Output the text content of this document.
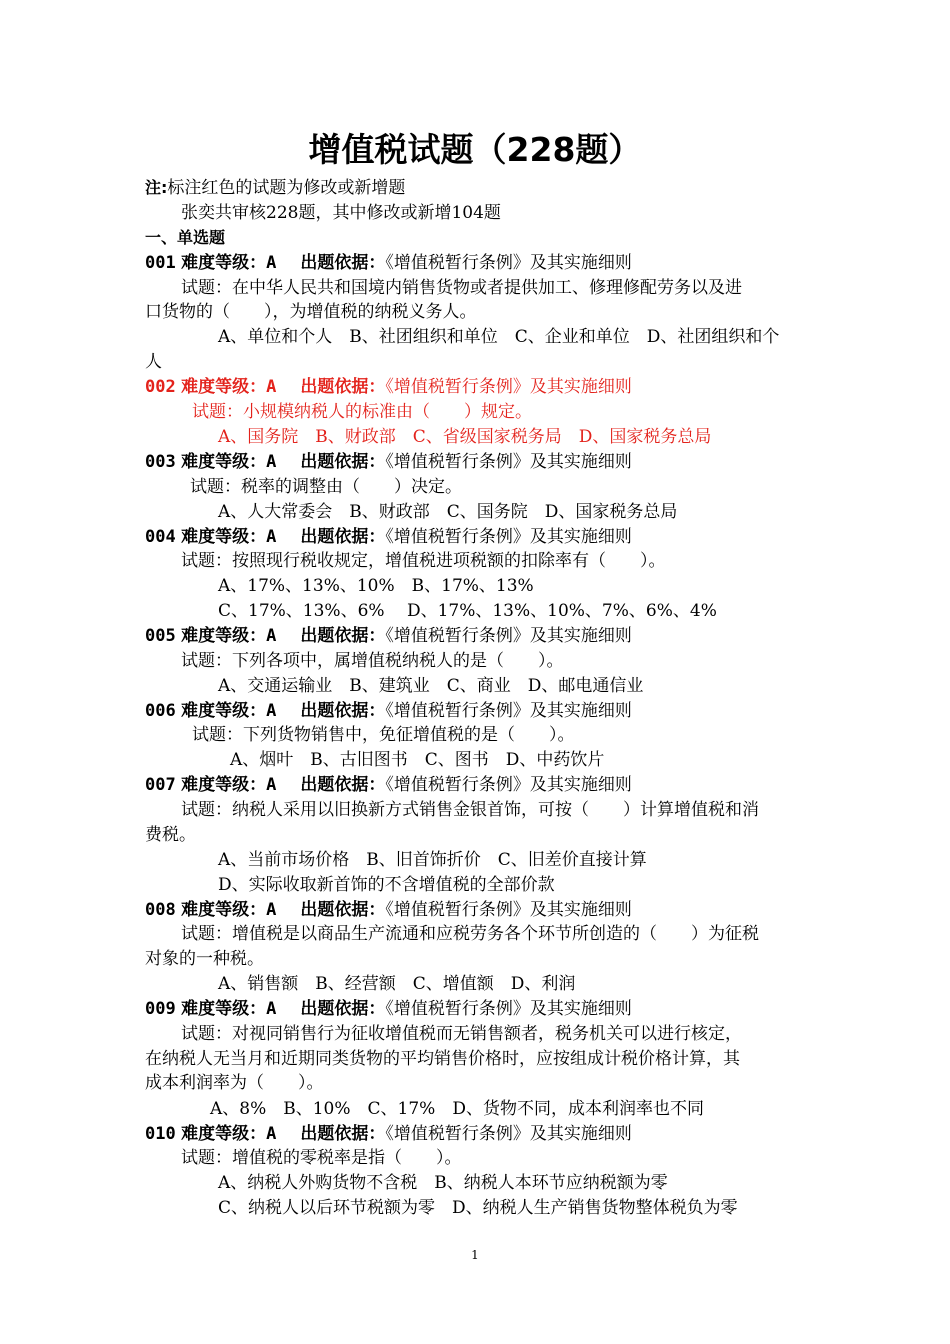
增值税试题（228题）
注:标注红色的试题为修改或新增题
张奕共审核228题，其中修改或新增104题
一、单选题
001 难度等级：A 出题依据：《增值税暂行条例》及其实施细则
试题：在中华人民共和国境内销售货物或者提供加工、修理修配劳务以及进
口货物的（　　），为增值税的纳税义务人。
A、单位和个人　B、社团组织和单位　C、企业和单位　D、社团组织和个
人
002 难度等级：A 出题依据：《增值税暂行条例》及其实施细则
试题：小规模纳税人的标准由（　　）规定。
A、国务院　B、财政部　C、省级国家税务局　D、国家税务总局
003 难度等级：A 出题依据：《增值税暂行条例》及其实施细则
试题：税率的调整由（　　）决定。
A、人大常委会　B、财政部　C、国务院　D、国家税务总局
004 难度等级：A 出题依据：《增值税暂行条例》及其实施细则
试题：按照现行税收规定，增值税进项税额的扣除率有（　　）。
A、17%、13%、10%　B、17%、13%
C、17%、13%、6%　 D、17%、13%、10%、7%、6%、4%
005 难度等级：A 出题依据：《增值税暂行条例》及其实施细则
试题：下列各项中，属增值税纳税人的是（　　）。
A、交通运输业　B、建筑业　C、商业　D、邮电通信业
006 难度等级：A 出题依据：《增值税暂行条例》及其实施细则
试题：下列货物销售中，免征增值税的是（　　）。
A、烟叶　B、古旧图书　C、图书　D、中药饮片
007 难度等级：A 出题依据：《增值税暂行条例》及其实施细则
试题：纳税人采用以旧换新方式销售金银首饰，可按（　　）计算增值税和消
费税。
A、当前市场价格　B、旧首饰折价　C、旧差价直接计算
D、实际收取新首饰的不含增值税的全部价款
008 难度等级：A 出题依据：《增值税暂行条例》及其实施细则
试题：增值税是以商品生产流通和应税劳务各个环节所创造的（　　）为征税
对象的一种税。
A、销售额　B、经营额　C、增值额　D、利润
009 难度等级：A 出题依据：《增值税暂行条例》及其实施细则
试题：对视同销售行为征收增值税而无销售额者，税务机关可以进行核定，
在纳税人无当月和近期同类货物的平均销售价格时，应按组成计税价格计算，其
成本利润率为（　　）。
A、8%　B、10%　C、17%　D、货物不同，成本利润率也不同
010 难度等级：A 出题依据：《增值税暂行条例》及其实施细则
试题：增值税的零税率是指（　　）。
A、纳税人外购货物不含税　B、纳税人本环节应纳税额为零
C、纳税人以后环节税额为零　D、纳税人生产销售货物整体税负为零
1
